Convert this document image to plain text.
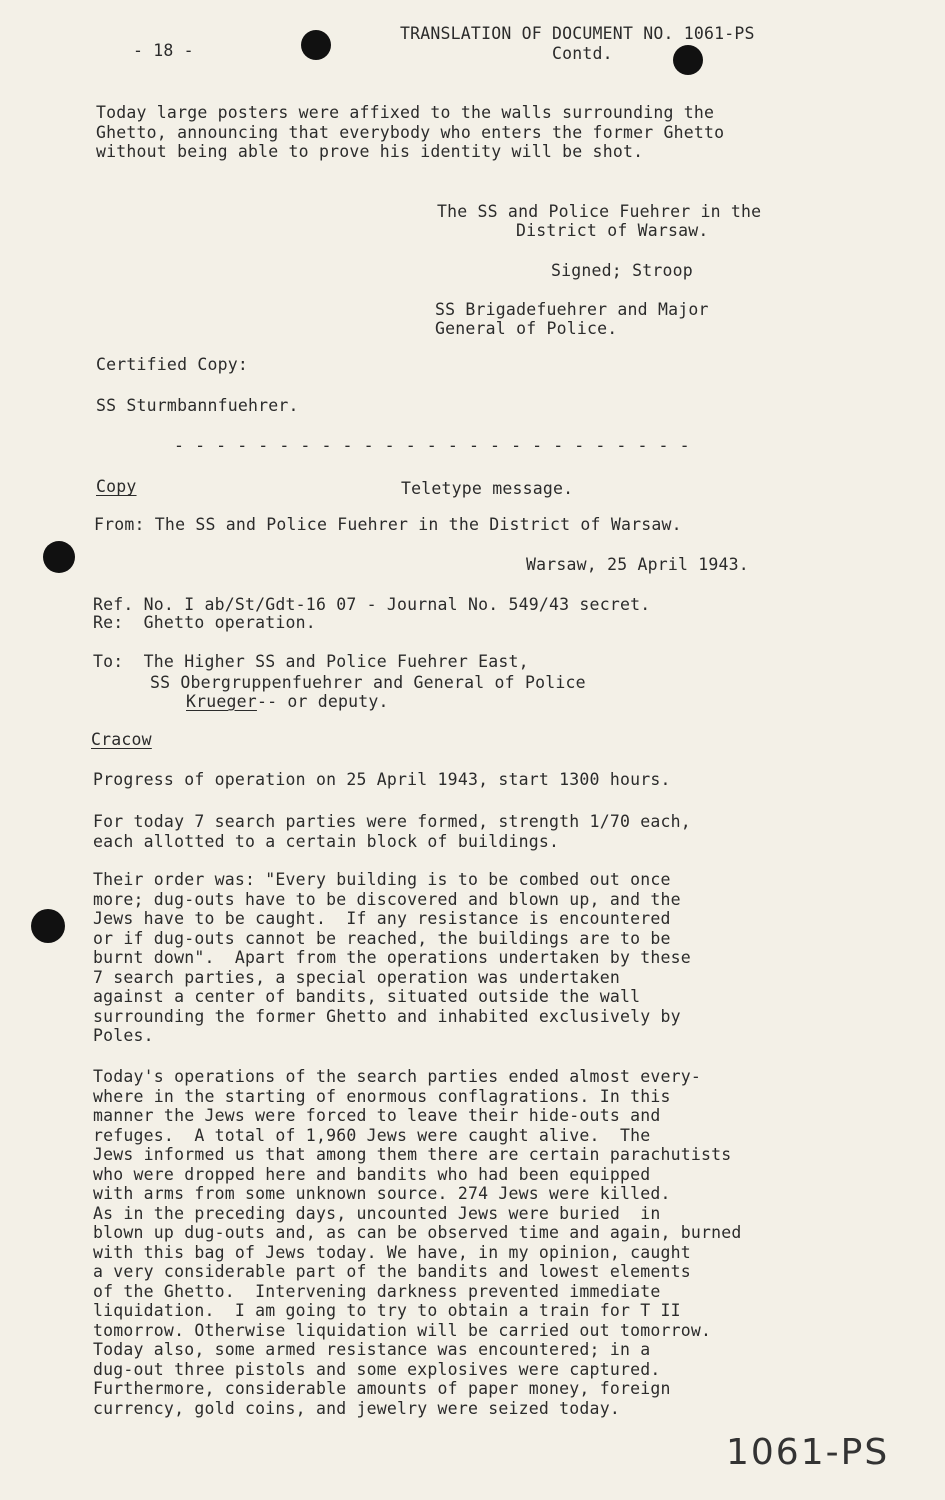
- 18 -
TRANSLATION OF DOCUMENT NO. 1061-PS
Contd.
Today large posters were affixed to the walls surrounding the
Ghetto, announcing that everybody who enters the former Ghetto
without being able to prove his identity will be shot.
The SS and Police Fuehrer in the
District of Warsaw.
Signed; Stroop
SS Brigadefuehrer and Major
General of Police.
Certified Copy:
SS Sturmbannfuehrer.
- - - - - - - - - - - - - - - - - - - - - - - - -
Copy	Teletype message.
From: The SS and Police Fuehrer in the District of Warsaw.
Warsaw, 25 April 1943.
Ref. No. I ab/St/Gdt-16 07 - Journal No. 549/43 secret.
Re:  Ghetto operation.
To:  The Higher SS and Police Fuehrer East,
SS Obergruppenfuehrer and General of Police
Krueger-- or deputy.
Cracow
Progress of operation on 25 April 1943, start 1300 hours.
For today 7 search parties were formed, strength 1/70 each,
each allotted to a certain block of buildings.
Their order was: "Every building is to be combed out once
more; dug-outs have to be discovered and blown up, and the
Jews have to be caught.  If any resistance is encountered
or if dug-outs cannot be reached, the buildings are to be
burnt down".  Apart from the operations undertaken by these
7 search parties, a special operation was undertaken
against a center of bandits, situated outside the wall
surrounding the former Ghetto and inhabited exclusively by
Poles.
Today's operations of the search parties ended almost every-
where in the starting of enormous conflagrations. In this
manner the Jews were forced to leave their hide-outs and
refuges.  A total of 1,960 Jews were caught alive.  The
Jews informed us that among them there are certain parachutists
who were dropped here and bandits who had been equipped
with arms from some unknown source. 274 Jews were killed.
As in the preceding days, uncounted Jews were buried  in
blown up dug-outs and, as can be observed time and again, burned
with this bag of Jews today. We have, in my opinion, caught
a very considerable part of the bandits and lowest elements
of the Ghetto.  Intervening darkness prevented immediate
liquidation.  I am going to try to obtain a train for T II
tomorrow. Otherwise liquidation will be carried out tomorrow.
Today also, some armed resistance was encountered; in a
dug-out three pistols and some explosives were captured.
Furthermore, considerable amounts of paper money, foreign
currency, gold coins, and jewelry were seized today.
1061-PS
